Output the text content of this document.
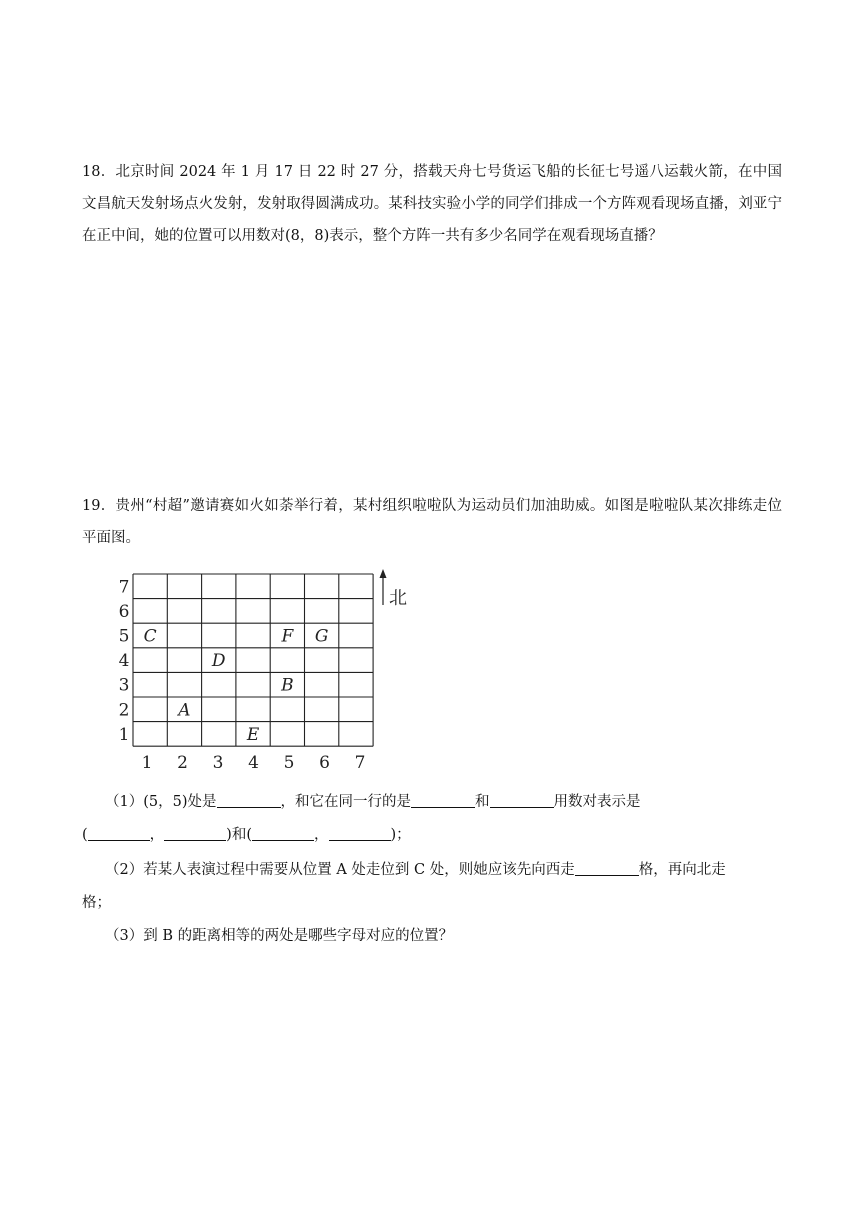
18．北京时间 2024 年 1 月 17 日 22 时 27 分，搭载天舟七号货运飞船的长征七号遥八运载火箭，在中国文昌航天发射场点火发射，发射取得圆满成功。某科技实验小学的同学们排成一个方阵观看现场直播，刘亚宁在正中间，她的位置可以用数对(8，8)表示，整个方阵一共有多少名同学在观看现场直播？
19．贵州“村超”邀请赛如火如荼举行着，某村组织啦啦队为运动员们加油助威。如图是啦啦队某次排练走位平面图。
7
6
5
4
3
2
1
1 2 3 4 5 6 7
C	F G
D
B
A
E
北
（1）(5，5)处是	，和它在同一行的是	和	用数对表示是
(	，	)和(	，	)；
（2）若某人表演过程中需要从位置 A 处走位到 C 处，则她应该先向西走	格，再向北走
格；
（3）到 B 的距离相等的两处是哪些字母对应的位置？
